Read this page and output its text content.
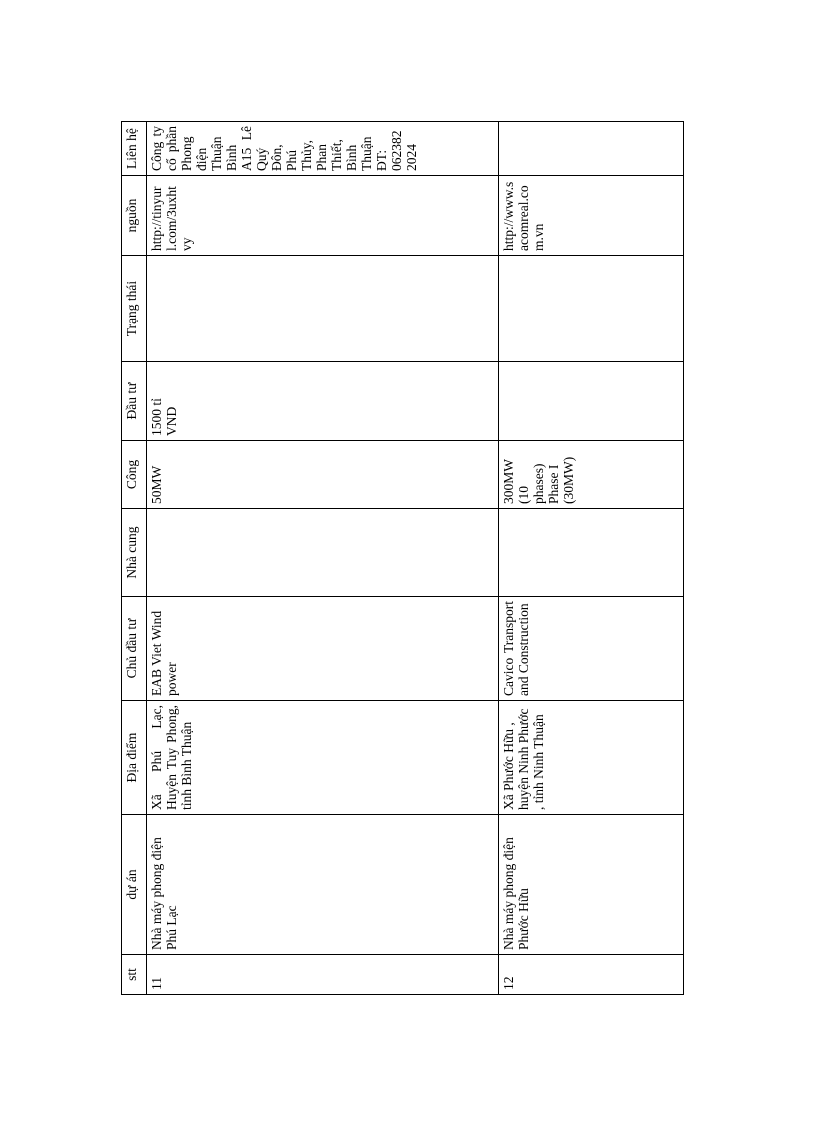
stt	dự án	Địa điểm	Chủ đầu tư	Nhà cung	Công	Đầu tư	Trạng thái	nguồn	Liên hệ
11	Nhà máy phong điện Phú Lạc	Xã Phú Lạc, Huyện Tuy Phong, tỉnh Bình Thuận	EAB Viet Wind power		50MW	1500 tỉ VND		http://tinyurl.com/3uxhtvy	Công ty cổ phần Phong điện Thuận Bình A15 Lê Quý Đôn, Phú Thủy, Phan Thiết, Bình Thuận ĐT: 0623822024

12	Nhà máy phong điện Phước Hữu	Xã Phước Hữu , huyện Ninh Phước , tỉnh Ninh Thuận	Cavico Transport and Construction		300MW (10 phases) Phase I (30MW)			http://www.sacomreal.com.vn	
